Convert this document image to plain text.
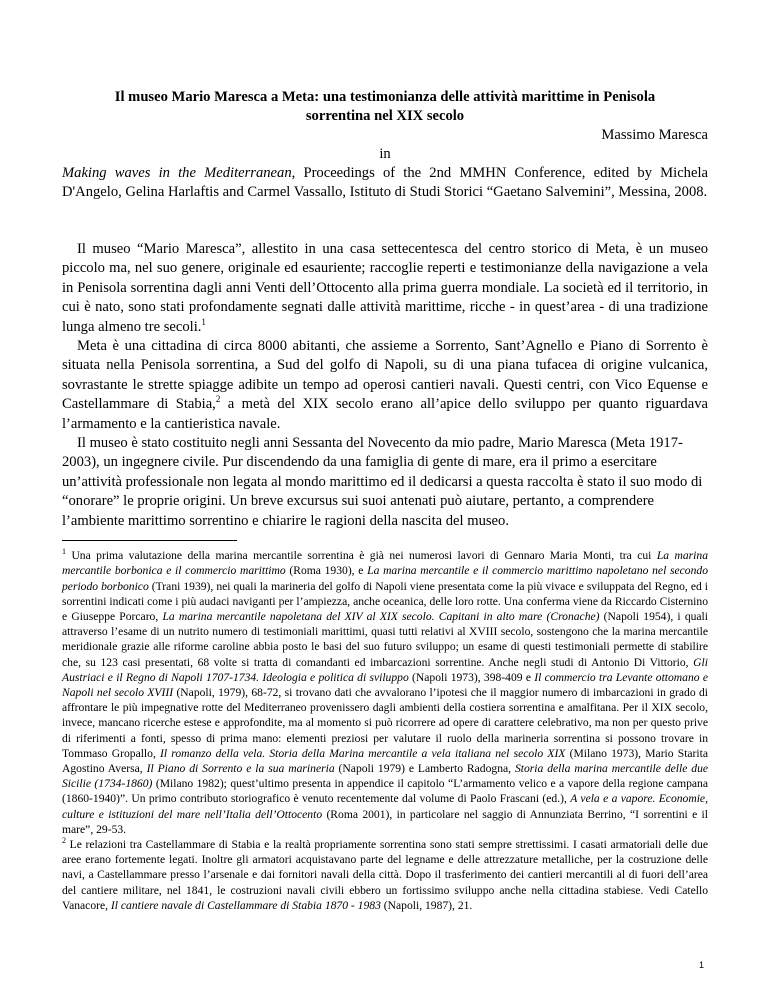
Il museo Mario Maresca a Meta: una testimonianza delle attività marittime in Penisola
sorrentina nel XIX secolo
Massimo Maresca
in
Making waves in the Mediterranean, Proceedings of the 2nd MMHN Conference, edited by Michela D'Angelo, Gelina Harlaftis and Carmel Vassallo, Istituto di Studi Storici “Gaetano Salvemini”, Messina, 2008.

Il museo “Mario Maresca”, allestito in una casa settecentesca del centro storico di Meta, è un museo piccolo ma, nel suo genere, originale ed esauriente; raccoglie reperti e testimonianze della navigazione a vela in Penisola sorrentina dagli anni Venti dell’Ottocento alla prima guerra mondiale. La società ed il territorio, in cui è nato, sono stati profondamente segnati dalle attività marittime, ricche - in quest’area - di una tradizione lunga almeno tre secoli.$^1$

Meta è una cittadina di circa 8000 abitanti, che assieme a Sorrento, Sant’Agnello e Piano di Sorrento è situata nella Penisola sorrentina, a Sud del golfo di Napoli, su di una piana tufacea di origine vulcanica, sovrastante le strette spiagge adibite un tempo ad operosi cantieri navali. Questi centri, con Vico Equense e Castellammare di Stabia,$^2$ a metà del XIX secolo erano all’apice dello sviluppo per quanto riguardava l’armamento e la cantieristica navale.

Il museo è stato costituito negli anni Sessanta del Novecento da mio padre, Mario Maresca (Meta 1917-2003), un ingegnere civile. Pur discendendo da una famiglia di gente di mare, era il primo a esercitare un’attività professionale non legata al mondo marittimo ed il dedicarsi a questa raccolta è stato il suo modo di “onorare” le proprie origini. Un breve excursus sui suoi antenati può aiutare, pertanto, a comprendere l’ambiente marittimo sorrentino e chiarire le ragioni della nascita del museo.

$^1$ Una prima valutazione della marina mercantile sorrentina è già nei numerosi lavori di Gennaro Maria Monti, tra cui La marina mercantile borbonica e il commercio marittimo (Roma 1930), e La marina mercantile e il commercio marittimo napoletano nel secondo periodo borbonico (Trani 1939), nei quali la marineria del golfo di Napoli viene presentata come la più vivace e sviluppata del Regno, ed i sorrentini indicati come i più audaci naviganti per l’ampiezza, anche oceanica, delle loro rotte. Una conferma viene da Riccardo Cisternino e Giuseppe Porcaro, La marina mercantile napoletana del XIV al XIX secolo. Capitani in alto mare (Cronache) (Napoli 1954), i quali attraverso l’esame di un nutrito numero di testimoniali marittimi, quasi tutti relativi al XVIII secolo, sostengono che la marina mercantile meridionale grazie alle riforme caroline abbia posto le basi del suo futuro sviluppo; un esame di questi testimoniali permette di stabilire che, su 123 casi presentati, 68 volte si tratta di comandanti ed imbarcazioni sorrentine. Anche negli studi di Antonio Di Vittorio, Gli Austriaci e il Regno di Napoli 1707-1734. Ideologia e politica di sviluppo (Napoli 1973), 398-409 e Il commercio tra Levante ottomano e Napoli nel secolo XVIII (Napoli, 1979), 68-72, si trovano dati che avvalorano l’ipotesi che il maggior numero di imbarcazioni in grado di affrontare le più impegnative rotte del Mediterraneo provenissero dagli ambienti della costiera sorrentina e amalfitana. Per il XIX secolo, invece, mancano ricerche estese e approfondite, ma al momento si può ricorrere ad opere di carattere celebrativo, ma non per questo prive di riferimenti a fonti, spesso di prima mano: elementi preziosi per valutare il ruolo della marineria sorrentina si possono trovare in Tommaso Gropallo, Il romanzo della vela. Storia della Marina mercantile a vela italiana nel secolo XIX (Milano 1973), Mario Starita Agostino Aversa, Il Piano di Sorrento e la sua marineria (Napoli 1979) e Lamberto Radogna, Storia della marina mercantile delle due Sicilie (1734-1860) (Milano 1982); quest’ultimo presenta in appendice il capitolo “L’armamento velico e a vapore della regione campana (1860-1940)”. Un primo contributo storiografico è venuto recentemente dal volume di Paolo Frascani (ed.), A vela e a vapore. Economie, culture e istituzioni del mare nell’Italia dell’Ottocento (Roma 2001), in particolare nel saggio di Annunziata Berrino, “I sorrentini e il mare”, 29-53.

$^2$ Le relazioni tra Castellammare di Stabia e la realtà propriamente sorrentina sono stati sempre strettissimi. I casati armatoriali delle due aree erano fortemente legati. Inoltre gli armatori acquistavano parte del legname e delle attrezzature metalliche, per la costruzione delle navi, a Castellammare presso l’arsenale e dai fornitori navali della città. Dopo il trasferimento dei cantieri mercantili al di fuori dell’area del cantiere militare, nel 1841, le costruzioni navali civili ebbero un fortissimo sviluppo anche nella cittadina stabiese. Vedi Catello Vanacore, Il cantiere navale di Castellammare di Stabia 1870 - 1983 (Napoli, 1987), 21.

1
